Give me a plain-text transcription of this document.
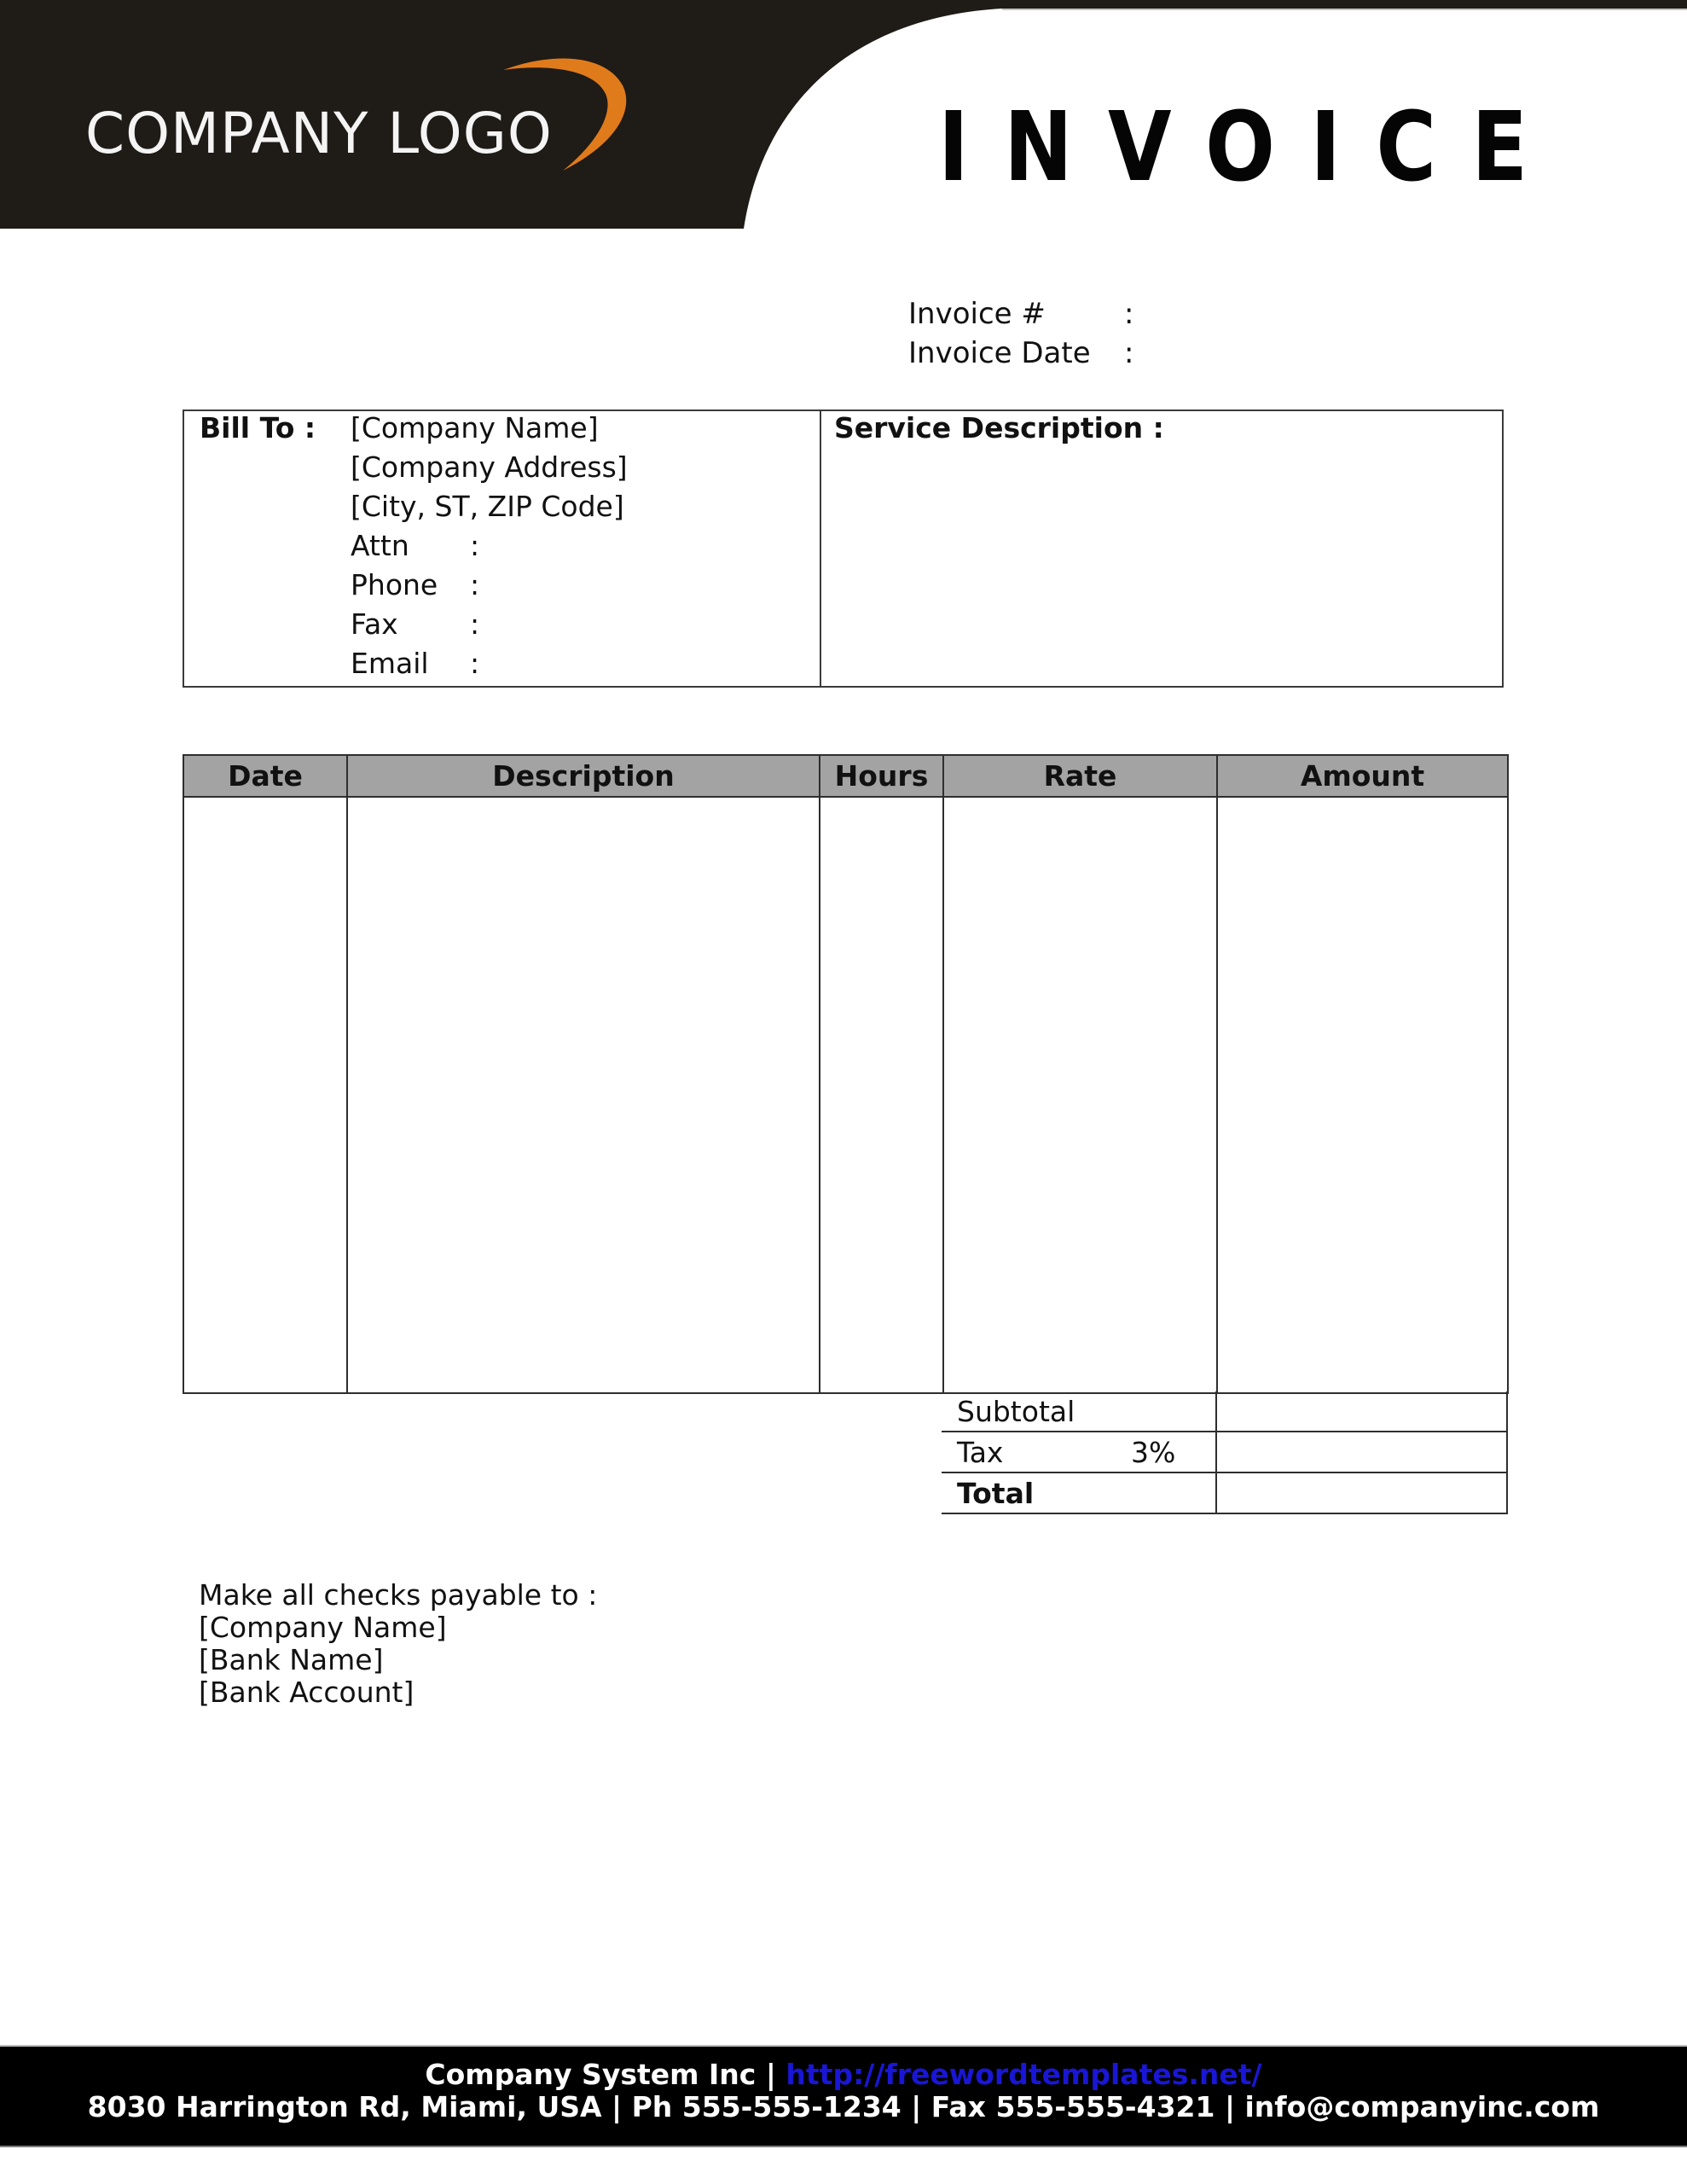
COMPANY LOGO	INVOICE
Invoice #	:
Invoice Date :
Bill To : [Company Name]
[Company Address]
[City, ST, ZIP Code]
Attn :
Phone :
Fax	:
Email :
Service Description :
Date	Description	Hours	Rate	Amount

Subtotal	
Tax 3%	

Total	
Make all checks payable to :
[Company Name]
[Bank Name]
[Bank Account]
Company System Inc | http://freewordtemplates.net/
8030 Harrington Rd, Miami, USA | Ph 555-555-1234 | Fax 555-555-4321 | info@companyinc.com
